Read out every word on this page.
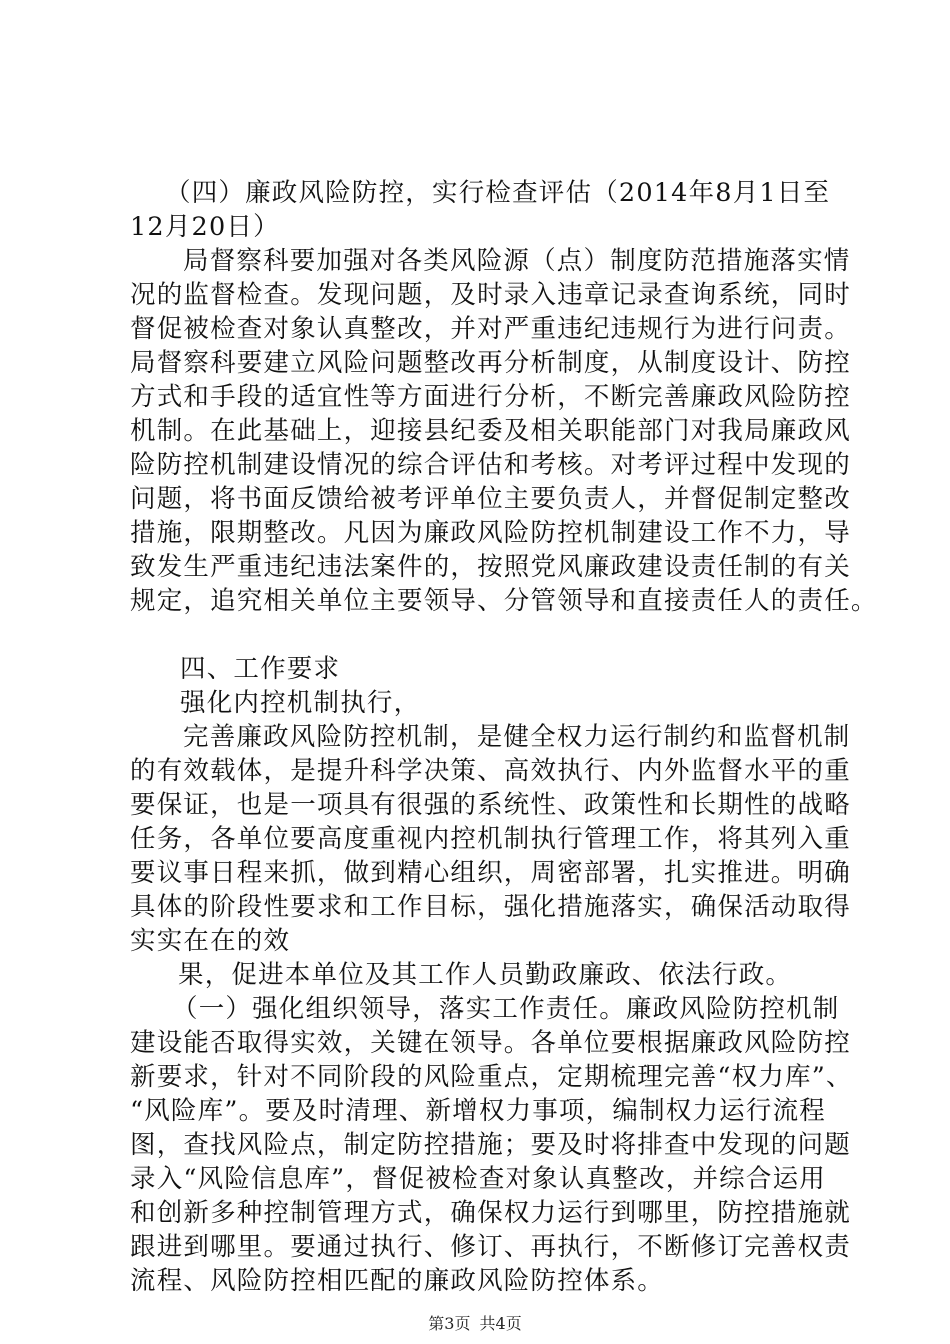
（四）廉政风险防控，实行检查评估（2014年8月1日至
12月20日）
局督察科要加强对各类风险源（点）制度防范措施落实情
况的监督检查。发现问题，及时录入违章记录查询系统，同时
督促被检查对象认真整改，并对严重违纪违规行为进行问责。
局督察科要建立风险问题整改再分析制度，从制度设计、防控
方式和手段的适宜性等方面进行分析，不断完善廉政风险防控
机制。在此基础上，迎接县纪委及相关职能部门对我局廉政风
险防控机制建设情况的综合评估和考核。对考评过程中发现的
问题，将书面反馈给被考评单位主要负责人，并督促制定整改
措施，限期整改。凡因为廉政风险防控机制建设工作不力，导
致发生严重违纪违法案件的，按照党风廉政建设责任制的有关
规定，追究相关单位主要领导、分管领导和直接责任人的责任。
四、工作要求
强化内控机制执行，
完善廉政风险防控机制，是健全权力运行制约和监督机制
的有效载体，是提升科学决策、高效执行、内外监督水平的重
要保证，也是一项具有很强的系统性、政策性和长期性的战略
任务，各单位要高度重视内控机制执行管理工作，将其列入重
要议事日程来抓，做到精心组织，周密部署，扎实推进。明确
具体的阶段性要求和工作目标，强化措施落实，确保活动取得
实实在在的效
果，促进本单位及其工作人员勤政廉政、依法行政。
（一）强化组织领导，落实工作责任。廉政风险防控机制
建设能否取得实效，关键在领导。各单位要根据廉政风险防控
新要求，针对不同阶段的风险重点，定期梳理完善“权力库”、
“风险库”。要及时清理、新增权力事项，编制权力运行流程
图，查找风险点，制定防控措施；要及时将排查中发现的问题
录入“风险信息库”，督促被检查对象认真整改，并综合运用
和创新多种控制管理方式，确保权力运行到哪里，防控措施就
跟进到哪里。要通过执行、修订、再执行，不断修订完善权责
流程、风险防控相匹配的廉政风险防控体系。
第3页 共4页
